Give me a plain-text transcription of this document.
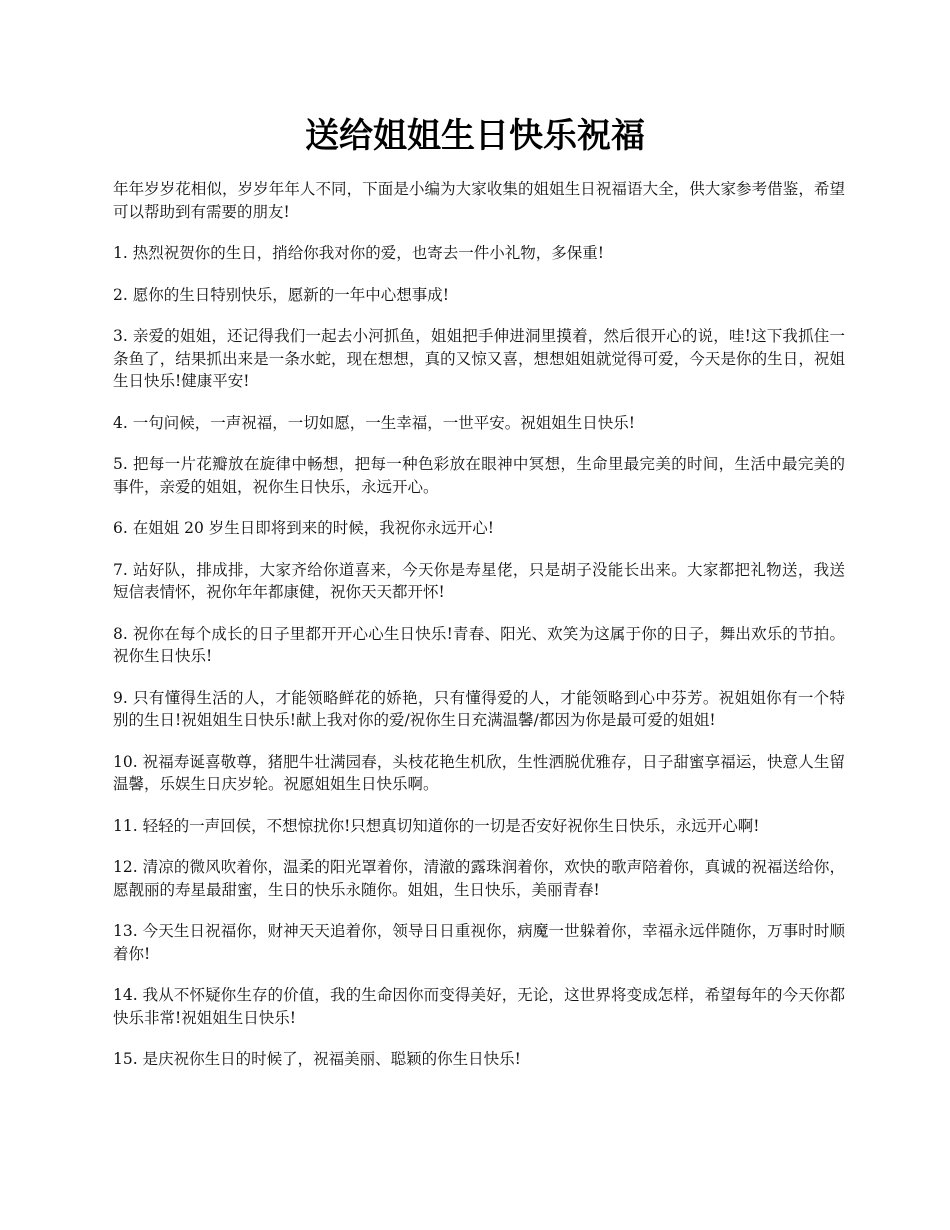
送给姐姐生日快乐祝福

年年岁岁花相似，岁岁年年人不同，下面是小编为大家收集的姐姐生日祝福语大全，供大家参考借鉴，希望可以帮助到有需要的朋友!

1. 热烈祝贺你的生日，捎给你我对你的爱，也寄去一件小礼物，多保重!

2. 愿你的生日特别快乐，愿新的一年中心想事成!

3. 亲爱的姐姐，还记得我们一起去小河抓鱼，姐姐把手伸进洞里摸着，然后很开心的说，哇!这下我抓住一条鱼了，结果抓出来是一条水蛇，现在想想，真的又惊又喜，想想姐姐就觉得可爱，今天是你的生日，祝姐生日快乐!健康平安!

4. 一句问候，一声祝福，一切如愿，一生幸福，一世平安。祝姐姐生日快乐!

5. 把每一片花瓣放在旋律中畅想，把每一种色彩放在眼神中冥想，生命里最完美的时间，生活中最完美的事件，亲爱的姐姐，祝你生日快乐，永远开心。

6. 在姐姐 20 岁生日即将到来的时候，我祝你永远开心!

7. 站好队，排成排，大家齐给你道喜来，今天你是寿星佬，只是胡子没能长出来。大家都把礼物送，我送短信表情怀，祝你年年都康健，祝你天天都开怀!

8. 祝你在每个成长的日子里都开开心心生日快乐!青春、阳光、欢笑为这属于你的日子，舞出欢乐的节拍。祝你生日快乐!

9. 只有懂得生活的人，才能领略鲜花的娇艳，只有懂得爱的人，才能领略到心中芬芳。祝姐姐你有一个特别的生日!祝姐姐生日快乐!献上我对你的爱/祝你生日充满温馨/都因为你是最可爱的姐姐!

10. 祝福寿诞喜敬尊，猪肥牛壮满园春，头枝花艳生机欣，生性洒脱优雅存，日子甜蜜享福运，快意人生留温馨，乐娱生日庆岁轮。祝愿姐姐生日快乐啊。

11. 轻轻的一声回侯，不想惊扰你!只想真切知道你的一切是否安好祝你生日快乐，永远开心啊!

12. 清凉的微风吹着你，温柔的阳光罩着你，清澈的露珠润着你，欢快的歌声陪着你，真诚的祝福送给你，愿靓丽的寿星最甜蜜，生日的快乐永随你。姐姐，生日快乐，美丽青春!

13. 今天生日祝福你，财神天天追着你，领导日日重视你，病魔一世躲着你，幸福永远伴随你，万事时时顺着你!

14. 我从不怀疑你生存的价值，我的生命因你而变得美好，无论，这世界将变成怎样，希望每年的今天你都快乐非常!祝姐姐生日快乐!

15. 是庆祝你生日的时候了，祝福美丽、聪颖的你生日快乐!
